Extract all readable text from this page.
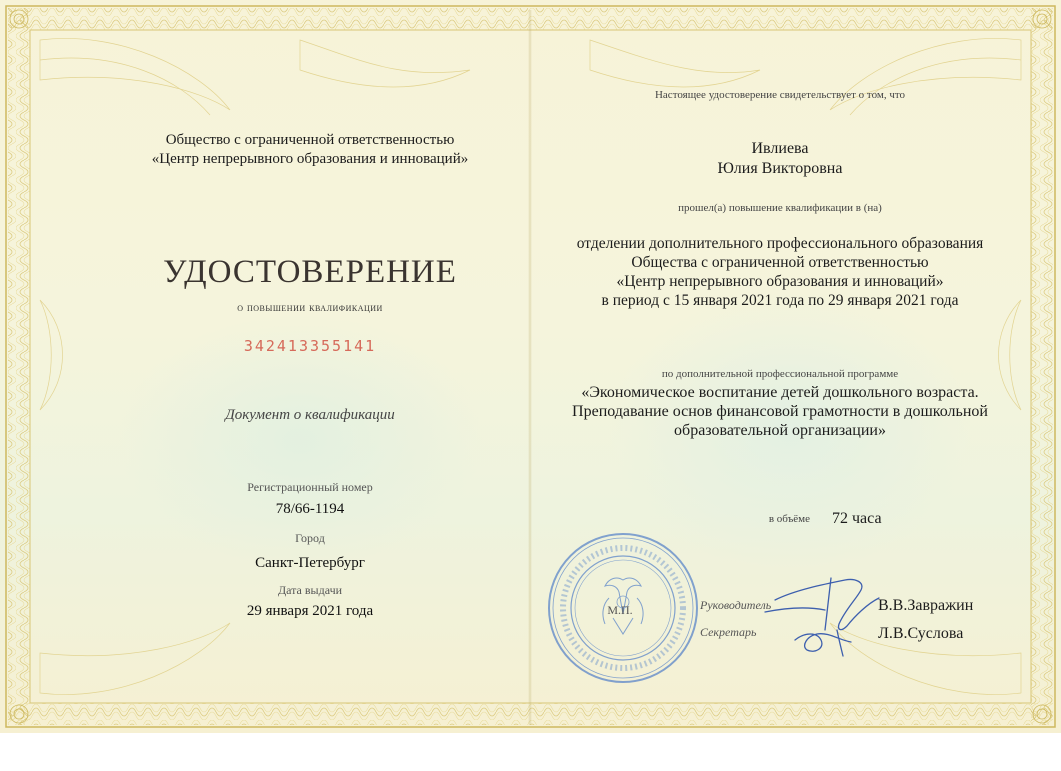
Общество с ограниченной ответственностью
«Центр непрерывного образования и инноваций»
УДОСТОВЕРЕНИЕ
о повышении квалификации
342413355141
Документ о квалификации
Регистрационный номер
78/66-1194
Город
Санкт-Петербург
Дата выдачи
29 января 2021 года
Настоящее удостоверение свидетельствует о том, что
Ивлиева
Юлия Викторовна
прошел(а) повышение квалификации в (на)
отделении дополнительного профессионального образования
Общества с ограниченной ответственностью
«Центр непрерывного образования и инноваций»
в период с 15 января 2021 года по 29 января 2021 года
по дополнительной профессиональной программе
«Экономическое воспитание детей дошкольного возраста.
Преподавание основ финансовой грамотности в дошкольной
образовательной организации»
в объёме 72 часа
М.П.	Руководитель	В.В.Завражин
Секретарь	Л.В.Суслова
